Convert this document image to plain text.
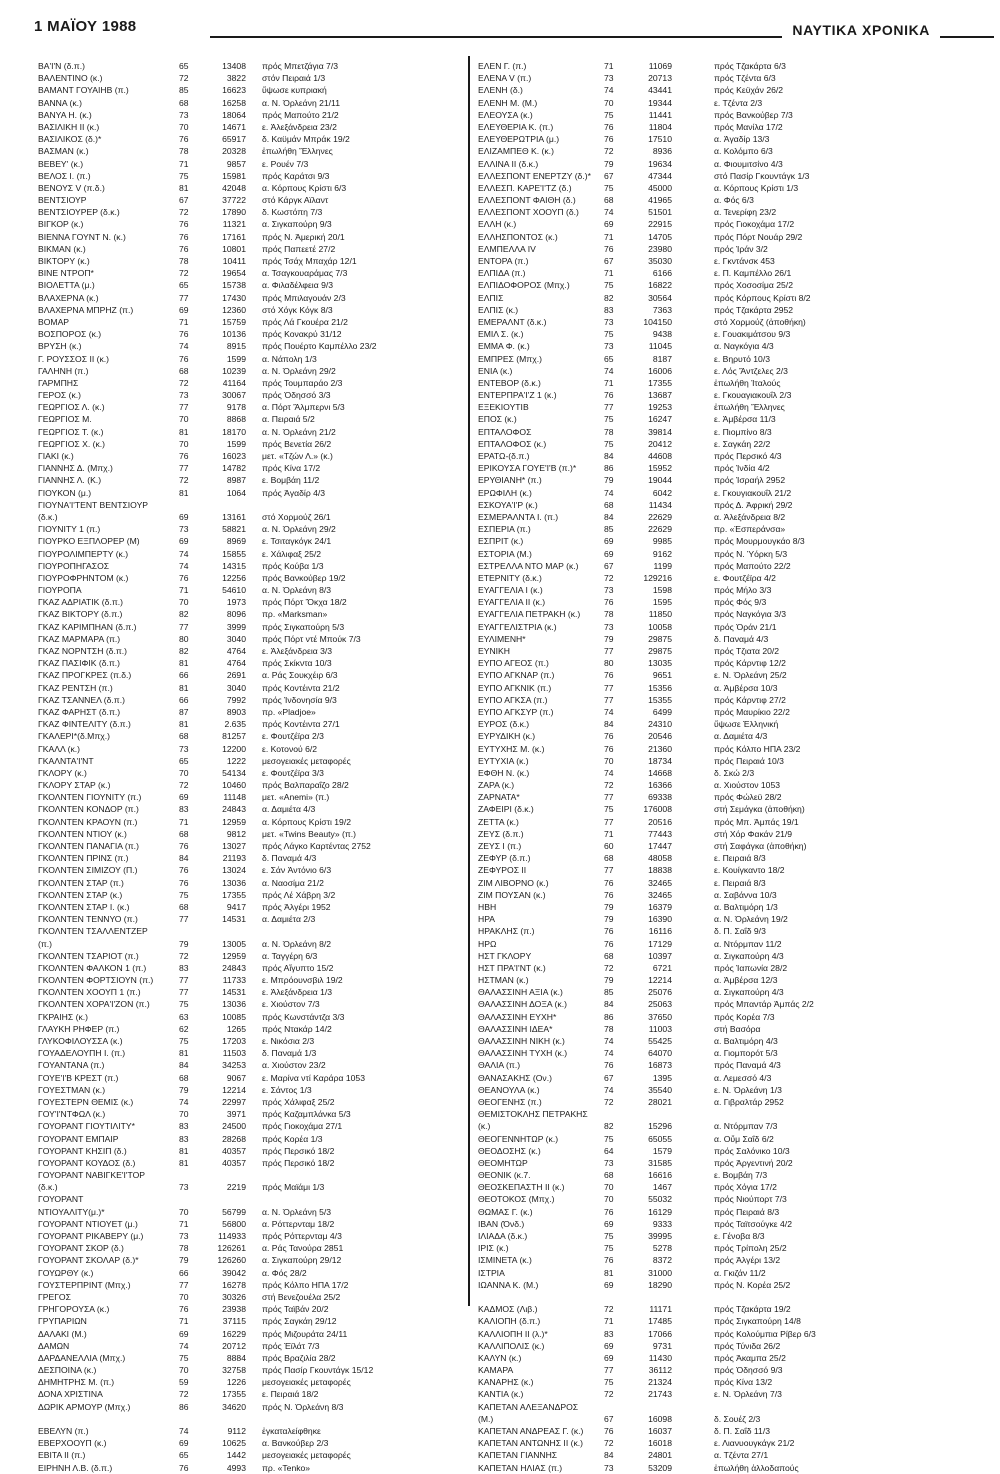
1 ΜΑΪΟΥ 1988	ΝΑΥΤΙΚΑ ΧΡΟΝΙΚΑ
ΒΑ'Ι'Ν (δ.π.)	65	13408 πρός Μπετζάγια 7/3
ΒΑΛΕΝΤΙΝΟ (κ.)	72	3822 στόν Πειραιά 1/3
ΒΑΜΑΝΤ ΓΟΥΑΙΗΒ (π.)	85	16623 ὕψωσε κυπριακή
ΒΑΝΝΑ (κ.)	68	16258 α. Ν. Ὀρλεάνη 21/11
ΒΑΝΥΑ Η. (κ.)	73	18064 πρός Μαπούτο 21/2
ΒΑΣΙΛΙΚΗ ΙΙ (κ.)	70	14671 ε. Ἀλεξάνδρεια 23/2
ΒΑΣΙΛΙΚΟΣ (δ.)*	76	65917 δ. Καϋμάν Μπράκ 19/2
ΒΑΣΜΑΝ (κ.)	78	20328 ἐπωλήθη Ἕλληνες
ΒΕΒΕΥ' (κ.)	71	9857 ε. Ρουέν 7/3
ΒΕΛΟΣ Ι. (π.)	75	15981 πρός Καράτσι 9/3
ΒΕΝΟΥΣ V (π.δ.)	81	42048 α. Κόρπους Κρίστι 6/3
ΒΕΝΤΣΙΟΥΡ	67	37722 στό Κάργκ Αϊλαντ
ΒΕΝΤΣΙΟΥΡΕΡ (δ.κ.)	72	17890 δ. Κωστόπη 7/3
ΒΙΓΚΟΡ (κ.)	76	11321 α. Σιγκαπούρη 9/3
ΒΙΕΝΝΑ ΓΟΥΝΤ Ν. (κ.)	76	17161 πρός Ν. Ἀμερική 20/1
ΒΙΚΜΑΝ (κ.)	76	10801 πρός Παπεετέ 27/2
ΒΙΚΤΟΡΥ (κ.)	78	10411 πρός Τσάχ Μπαχάρ 12/1
ΒΙΝΕ ΝΤΡΟΠ*	72	19654 α. Τσαγκουαράμας 7/3
ΒΙΟΛΕΤΤΑ (μ.)	65	15738 α. Φιλαδέλφεια 9/3
ΒΛΑΧΕΡΝΑ (κ.)	77	17430 πρός Μπιλαγουάν 2/3
ΒΛΑΧΕΡΝΑ ΜΠΡΗΖ (π.)	69	12360 στό Χόγκ Κόγκ 8/3
ΒΟΜΑΡ	71	15759 πρός Λά Γκουέρα 21/2
ΒΟΣΠΟΡΟΣ (κ.)	76	10136 πρός Κονακρύ 31/12
ΒΡΥΣΗ (κ.)	74	8915 πρός Πουέρτο Καμπέλλο 23/2
Γ. ΡΟΥΣΣΟΣ ΙΙ (κ.)	76	1599 α. Νάπολη 1/3
ΓΑΛΗΝΗ (π.)	68	10239 α. Ν. Ὀρλεάνη 29/2
ΓΑΡΜΠΗΣ	72	41164 πρός Τουμπαράο 2/3
ΓΕΡΟΣ (κ.)	73	30067 πρός Ὀδησσό 3/3
ΓΕΩΡΓΙΟΣ Λ. (κ.)	77	9178 α. Πόρτ Ἄλμπερνι 5/3
ΓΕΩΡΓΙΟΣ Μ.	70	8868 α. Πειραιά 5/2
ΓΕΩΡΓΙΟΣ Τ. (κ.)	81	18170 α. Ν. Ὀρλεάνη 21/2
ΓΕΩΡΓΙΟΣ Χ. (κ.)	70	1599 πρός Βενετία 26/2
ΓΙΑΚΙ (κ.)	76	16023 μετ. «Τζών Λ.» (κ.)
ΓΙΑΝΝΗΣ Δ. (Μπχ.)	77	14782 πρός Κίνα 17/2
ΓΙΑΝΝΗΣ Λ. (Κ.)	72	8987 ε. Βομβάη 11/2
ΓΙΟΥΚΟΝ (μ.)	81	1064 πρός Ἀγαδίρ 4/3
ΓΙΟΥΝΑ'Ι'ΤΕΝΤ ΒΕΝΤΣΙΟΥΡ
(δ.κ.)	69	13161 στό Χορμούζ 26/1
ΓΙΟΥΝΙΤΥ 1 (π.)	73	58821 α. Ν. Ὀρλεάνη 29/2
ΓΙΟΥΡΚΟ ΕΞΠΛΟΡΕΡ (Μ)	69	8969 ε. Τσιταγκόγκ 24/1
ΓΙΟΥΡΟΛΙΜΠΕΡΤΥ (κ.)	74	15855 ε. Χάλιφαξ 25/2
ΓΙΟΥΡΟΠΗΓΑΣΟΣ	74	14315 πρός Κούβα 1/3
ΓΙΟΥΡΟΦΡΗΝΤΟΜ (κ.)	76	12256 πρός Βανκούβερ 19/2
ΓΙΟΥΡΟΠΑ	71	54610 α. Ν. Ὀρλεάνη 8/3
ΓΚΑΖ ΑΔΡΙΑΤΙΚ (δ.π.)	70	1973 πρός Πόρτ Ὄκχα 18/2
ΓΚΑΖ ΒΙΚΤΟΡΥ (δ.π.)	82	8096 πρ. «Marksman»
ΓΚΑΖ ΚΑΡΙΜΠΗΑΝ (δ.π.)	77	3999 πρός Σιγκαπούρη 5/3
ΓΚΑΖ ΜΑΡΜΑΡΑ (π.)	80	3040 πρός Πόρτ ντέ Μπούκ 7/3
ΓΚΑΖ ΝΟΡΝΤΣΗ (δ.π.)	82	4764 ε. Ἀλεξάνδρεια 3/3
ΓΚΑΖ ΠΑΣΙΦΙΚ (δ.π.)	81	4764 πρός Σκίκντα 10/3
ΓΚΑΖ ΠΡΟΓΚΡΕΣ (π.δ.)	66	2691 α. Ράς Σουκχέιρ 6/3
ΓΚΑΖ ΡΕΝΤΣΗ (π.)	81	3040 πρός Κοντέιντα 21/2
ΓΚΑΖ ΤΣΑΝΝΕΛ (δ.π.)	66	7992 πρός Ἰνδονησία 9/3
ΓΚΑΖ ΦΑΡΗΣΤ (δ.π.)	87	8903 πρ. «Pladjoe»
ΓΚΑΖ ΦΙΝΤΕΛΙΤΥ (δ.π.)	81	2.635 πρός Κοντέιντα 27/1
ΓΚΑΛΕΡΙ*(δ.Μπχ.)	68	81257 ε. Φουτζέϊρα 2/3
ΓΚΑΛΛ (κ.)	73	12200 ε. Κοτονού 6/2
ΓΚΑΛΝΤΑ'Ι'ΝΤ	65	1222 μεσογειακές μεταφορές
ΓΚΛΟΡΥ (κ.)	70	54134 ε. Φουτζέϊρα 3/3
ΓΚΛΟΡΥ ΣΤΑΡ (κ.)	72	10460 πρός Βαλπαραΐζο 28/2
ΓΚΟΛΝΤΕΝ ΓΙΟΥΝΙΤΥ (π.)	69	11148 μετ. «Anemi» (π.)
ΓΚΟΛΝΤΕΝ ΚΟΝΔΟΡ (π.)	83	24843 α. Δαμιέτα 4/3
ΓΚΟΛΝΤΕΝ ΚΡΑΟΥΝ (π.)	71	12959 α. Κόρπους Κρίστι 19/2
ΓΚΟΛΝΤΕΝ ΝΤΙΟΥ (κ.)	68	9812 μετ. «Twins Beauty» (π.)
ΓΚΟΛΝΤΕΝ ΠΑΝΑΓΙΑ (π.)	76	13027 πρός Λάγκο Καρτέντας 2752
ΓΚΟΛΝΤΕΝ ΠΡΙΝΣ (π.)	84	21193 δ. Παναμά 4/3
ΓΚΟΛΝΤΕΝ ΣΙΜΙΖΟΥ (Π.)	76	13024 ε. Σάν Ἀντόνιο 6/3
ΓΚΟΛΝΤΕΝ ΣΤΑΡ (π.)	76	13036 α. Ναοσίμα 21/2
ΓΚΟΛΝΤΕΝ ΣΤΑΡ (κ.)	75	17355 πρός Λέ Χάβρη 3/2
ΓΚΟΛΝΤΕΝ ΣΤΑΡ Ι. (κ.)	68	9417 πρός Ἀλγέρι 1952
ΓΚΟΛΝΤΕΝ ΤΕΝΝΥΟ (π.)	77	14531 α. Δαμιέτα 2/3
ΓΚΟΛΝΤΕΝ ΤΣΑΛΛΕΝΤΖΕΡ
(π.)	79	13005 α. Ν. Ὀρλεάνη 8/2
ΓΚΟΛΝΤΕΝ ΤΣΑΡΙΟΤ (π.)	72	12959 α. Ταγγέρη 6/3
ΓΚΟΛΝΤΕΝ ΦΑΛΚΟΝ 1 (π.)	83	24843 πρός Αἴγυπτο 15/2
ΓΚΟΛΝΤΕΝ ΦΟΡΤΣΙΟΥΝ (π.)	77	11733 ε. Μπρόουνσβιλ 19/2
ΓΚΟΛΝΤΕΝ ΧΟΟΥΠ 1 (π.)	77	14531 ε. Ἀλεξάνδρεια 1/3
ΓΚΟΛΝΤΕΝ ΧΟΡΑ'Ι'ΖΟΝ (π.)	75	13036 ε. Χιούστον 7/3
ΓΚΡΑΙΗΣ (κ.)	63	10085 πρός Κωνστάντζα 3/3
ΓΛΑΥΚΗ ΡΗΦΕΡ (π.)	62	1265 πρός Ντακάρ 14/2
ΓΛΥΚΟΦΙΛΟΥΣΣΑ (κ.)	75	17203 ε. Νικόσια 2/3
ΓΟΥΑΔΕΛΟΥΠΗ Ι. (π.)	81	11503 δ. Παναμά 1/3
ΓΟΥΑΝΤΑΝΑ (π.)	84	34253 α. Χιούστον 23/2
ΓΟΥΕ'Ι'Β ΚΡΕΣΤ (π.)	68	9067 ε. Μαρίνα ντί Καράρα 1053
ΓΟΥΕΣΤΜΑΝ (κ.)	79	12214 ε. Σάντος 1/3
ΓΟΥΕΣΤΕΡΝ ΘΕΜΙΣ (κ.)	74	22997 πρός Χάλιφαξ 25/2
ΓΟΥ'Ι'ΝΤΦΩΛ (κ.)	70	3971 πρός Καζαμπλάνκα 5/3
ΓΟΥΟΡΑΝΤ ΓΙΟΥΤΙΛΙΤΥ*	83	24500 πρός Γιοκοχάμα 27/1
ΓΟΥΟΡΑΝΤ ΕΜΠΑΙΡ	83	28268 πρός Κορέα 1/3
ΓΟΥΟΡΑΝΤ ΚΗΣΙΠ (δ.)	81	40357 πρός Περσικό 18/2
ΓΟΥΟΡΑΝΤ ΚΟΥΔΟΣ (δ.)	81	40357 πρός Περσικό 18/2
ΓΟΥΟΡΑΝΤ ΝΑΒΙΓΚΕ'Ι'ΤΟΡ
(δ.κ.)	73	2219 πρός Μαϊάμι 1/3
ΓΟΥΟΡΑΝΤ
ΝΤΙΟΥΑΛΙΤΥ(μ.)*	70	56799 α. Ν. Ὀρλεάνη 5/3
ΓΟΥΟΡΑΝΤ ΝΤΙΟΥΕΤ (μ.)	71	56800 α. Ρόττερνταμ 18/2
ΓΟΥΟΡΑΝΤ ΡΙΚΑΒΕΡΥ (μ.)	73	114933 πρός Ρόττερνταμ 4/3
ΓΟΥΟΡΑΝΤ ΣΚΟΡ (δ.)	78	126261 α. Ράς Τανούρα 2851
ΓΟΥΟΡΑΝΤ ΣΚΟΛΑΡ (δ.)*	79	126260 α. Σιγκαπούρη 29/12
ΓΟΥΩΡΘΥ (κ.)	66	39042 α. Φός 28/2
ΓΟΥΣΤΕΡΠΡΙΝΤ (Μπχ.)	77	16278 πρός Κόλπο ΗΠΑ 17/2
ΓΡΕΓΟΣ	70	30326 στή Βενεζουέλα 25/2
ΓΡΗΓΟΡΟΥΣΑ (κ.)	76	23938 πρός Ταϊβάν 20/2
ΓΡΥΠΑΡΙΩΝ	71	37115 πρός Σαγκάη 29/12
ΔΑΛΑΚΙ (Μ.)	69	16229 πρός Μιζουράτα 24/11
ΔΑΜΩΝ	74	20712 πρός Ἐϊλάτ 7/3
ΔΑΡΔΑΝΕΛΛΙΑ (Μπχ.)	75	8884 πρός Βραζιλία 28/2
ΔΕΣΠΟΙΝΑ (κ.)	70	32758 πρός Πασίρ Γκουντάγκ 15/12
ΔΗΜΗΤΡΗΣ Μ. (π.)	59	1226 μεσογειακές μεταφορές
ΔΟΝΑ ΧΡΙΣΤΙΝΑ	72	17355 ε. Πειραιά 18/2
ΔΩΡΙΚ ΑΡΜΟΥΡ (Μπχ.)	86	34620 πρός Ν. Ὀρλεάνη 8/3
ΕΒΕΛΥΝ (π.)	74	9112 ἐγκαταλείφθηκε
ΕΒΕΡΧΟΟΥΠ (κ.)	69	10625 α. Βανκούβερ 2/3
ΕΒΙΤΑ ΙΙ (π.)	65	1442 μεσογειακές μεταφορές
ΕΙΡΗΝΗ Λ.Β. (δ.π.)	76	4993 πρ. «Tenko»
ΕΛΕΝ Γ. (π.)	71	11069	πρός Τζακάρτα 6/3
ΕΛΕΝΑ V (π.)	73	20713	πρός Τζέντα 6/3
ΕΛΕΝΗ (δ.)	74	43441	πρός Κεϋχάν 26/2
ΕΛΕΝΗ Μ. (Μ.)	70	19344	ε. Τζέντα 2/3
ΕΛΕΟΥΣΑ (κ.)	75	11441	πρός Βανκούβερ 7/3
ΕΛΕΥΘΕΡΙΑ Κ. (π.)	76	11804	πρός Μανίλα 17/2
ΕΛΕΥΘΕΡΩΤΡΙΑ (μ.)	76	17510	α. Ἀγαδίρ 13/3
ΕΛΙΖΑΜΠΕΘ Κ. (κ.)	72	8936	α. Κολόμπο 6/3
ΕΛΛΙΝΑ ΙΙ (δ.κ.)	79	19634	α. Φιουμιτσίνο 4/3
ΕΛΛΕΣΠΟΝΤ ΕΝΕΡΤΖΥ (δ.)*	67	47344	στό Πασίρ Γκουντάγκ 1/3
ΕΛΛΕΣΠ. ΚΑΡΕ'Ι'ΤΖ (δ.)	75	45000	α. Κόρπους Κρίστι 1/3
ΕΛΛΕΣΠΟΝΤ ΦΑΙΘΗ (δ.)	68	41965	α. Φός 6/3
ΕΛΛΕΣΠΟΝΤ ΧΟΟΥΠ (δ.)	74	51501	α. Τενερίφη 23/2
ΕΛΛΗ (κ.)	69	22915	πρός Γιοκοχάμα 17/2
ΕΛΛΗΣΠΟΝΤΟΣ (κ.)	71	14705	πρός Πόρτ Νουάρ 29/2
ΕΛΜΠΕΛΛΑ IV	76	23980	πρός Ἰράν 3/2
ΕΝΤΟΡΑ (π.)	67	35030	ε. Γκντάνσκ 453
ΕΛΠΙΔΑ (π.)	71	6166	ε. Π. Καμπέλλο 26/1
ΕΛΠΙΔΟΦΟΡΟΣ (Μπχ.)	75	16822	πρός Χοσοσίμα 25/2
ΕΛΠΙΣ	82	30564	πρός Κόρπους Κρίστι 8/2
ΕΛΠΙΣ (κ.)	83	7363	πρός Τζακάρτα 2952
ΕΜΕΡΑΛΝΤ (δ.κ.)	73	104150	στό Χορμούζ (ἀποθήκη)
ΕΜΙΛ Σ. (κ.)	75	9438	ε. Γουακιμάτσου 9/3
ΕΜΜΑ Φ. (κ.)	73	11045	α. Ναγκόγια 4/3
ΕΜΠΡΕΣ (Μπχ.)	65	8187	ε. Βηρυτό 10/3
ΕΝΙΑ (κ.)	74	16006	ε. Λός Ἄντζελες 2/3
ΕΝΤΕΒΟΡ (δ.κ.)	71	17355	ἐπωλήθη Ἰταλούς
ΕΝΤΕΡΠΡΑ'Ι'Ζ 1 (κ.)	76	13687	ε. Γκουαγιακουΐλ 2/3
ΕΞΕΚΙΟΥΤΙΒ	77	19253	ἐπωλήθη Ἕλληνες
ΕΠΟΣ (κ.)	75	16247	ε. Ἀμβέρσα 11/3
ΕΠΤΑΛΟΦΟΣ	78	39814	ε. Πιομπίνο 8/3
ΕΠΤΑΛΟΦΟΣ (κ.)	75	20412	ε. Σαγκάη 22/2
ΕΡΑΤΩ-(δ.π.)	84	44608	πρός Περσικό 4/3
ΕΡΙΚΟΥΣΑ ΓΟΥΕ'Ι'Β (π.)*	86	15952	πρός Ἰνδία 4/2
ΕΡΥΘΙΑΝΗ* (π.)	79	19044	πρός Ἰσραήλ 2952
ΕΡΩΦΙΛΗ (κ.)	74	6042	ε. Γκουγιακουΐλ 21/2
ΕΣΚΟΥΑ'Ι'Ρ (κ.)	68	11434	πρός Δ. Ἀφρική 29/2
ΕΣΜΕΡΑΛΝΤΑ Ι. (π.)	84	22629	α. Ἀλεξάνδρεια 8/2
ΕΣΠΕΡΙΑ (π.)	85	22629	πρ. «Ἑσπεράνσα»
ΕΣΠΡΙΤ (κ.)	69	9985	πρός Μουρμουγκάο 8/3
ΕΣΤΟΡΙΑ (Μ.)	69	9162	πρός Ν. Ὑόρκη 5/3
ΕΣΤΡΕΛΛΑ ΝΤΟ ΜΑΡ (κ.)	67	1199	πρός Μαπούτο 22/2
ΕΤΕΡΝΙΤΥ (δ.κ.)	72	129216	ε. Φουτζέϊρα 4/2
ΕΥΑΓΓΕΛΙΑ Ι (κ.)	73	1598	πρός Μήλο 3/3
ΕΥΑΓΓΕΛΙΑ ΙΙ (κ.)	76	1595	πρός Φός 9/3
ΕΥΑΓΓΕΛΙΑ ΠΕΤΡΑΚΗ (κ.)	78	11850	πρός Ναγκόγια 3/3
ΕΥΑΓΓΕΛΙΣΤΡΙΑ (κ.)	73	10058	πρός Ὀράν 21/1
ΕΥΛΙΜΕΝΗ*	79	29875	δ. Παναμά 4/3
ΕΥΝΙΚΗ	77	29875	πρός Τζιατα 20/2
ΕΥΠΟ ΑΓΕΟΣ (π.)	80	13035	πρός Κάρντιφ 12/2
ΕΥΠΟ ΑΓΚΝΑΡ (π.)	76	9651	ε. Ν. Ὀρλεάνη 25/2
ΕΥΠΟ ΑΓΚΝΙΚ (π.)	77	15356	α. Ἀμβέρσα 10/3
ΕΥΠΟ ΑΓΚΣΑ (π.)	77	15355	πρός Κάρντιφ 27/2
ΕΥΠΟ ΑΓΚΣΥΡ (π.)	74	6499	πρός Μαυρίκιο 22/2
ΕΥΡΟΣ (δ.κ.)	84	24310	ὕψωσε Ἑλληνική
ΕΥΡΥΔΙΚΗ (κ.)	76	20546	α. Δαμιέτα 4/3
ΕΥΤΥΧΗΣ Μ. (κ.)	76	21360	πρός Κόλπο ΗΠΑ 23/2
ΕΥΤΥΧΙΑ (κ.)	70	18734	πρός Πειραιά 10/3
ΕΦΘΗ Ν. (κ.)	74	14668	δ. Σκώ 2/3
ΖΑΡΑ (κ.)	72	16366	α. Χιούστον 1053
ΖΑΡΝΑΤΑ*	77	69338	πρός Φώλεϋ 28/2
ΖΑΦΕΙΡΙ (δ.κ.)	75	176008	στή Σεμάγκα (ἀποθήκη)
ΖΕΤΤΑ (κ.)	77	20516	πρός Μπ. Ἀμπάς 19/1
ΖΕΥΣ (δ.π.)	71	77443	στή Χόρ Φακάν 21/9
ΖΕΥΣ Ι (π.)	60	17447	στή Σαφάγκα (ἀποθήκη)
ΖΕΦΥΡ (δ.π.)	68	48058	ε. Πειραιά 8/3
ΖΕΦΥΡΟΣ ΙΙ	77	18838	ε. Κουίγκαντο 18/2
ΖΙΜ ΛΙΒΟΡΝΟ (κ.)	76	32465	ε. Πειραιά 8/3
ΖΙΜ ΠΟΥΣΑΝ (κ.)	76	32465	α. Σαβάννα 10/3
ΗΒΗ	79	16379	α. Βαλτιμόρη 1/3
ΗΡΑ	79	16390	α. Ν. Ὀρλεάνη 19/2
ΗΡΑΚΛΗΣ (π.)	76	16116	δ. Π. Σαΐδ 9/3
ΗΡΩ	76	17129	α. Ντόρμπαν 11/2
ΗΣΤ ΓΚΛΟΡΥ	68	10397	α. Σιγκαπούρη 4/3
ΗΣΤ ΠΡΑ'Ι'ΝΤ (κ.)	72	6721	πρός Ἰαπωνία 28/2
ΗΣΤΜΑΝ (κ.)	79	12214	α. Ἀμβέρσα 12/3
ΘΑΛΑΣΣΙΝΗ ΑΞΙΑ (κ.)	85	25076	α. Σιγκαπούρη 4/3
ΘΑΛΑΣΣΙΝΗ ΔΟΞΑ (κ.)	84	25063	πρός Μπαντάρ Ἀμπάς 2/2
ΘΑΛΑΣΣΙΝΗ ΕΥΧΗ*	86	37650	πρός Κορέα 7/3
ΘΑΛΑΣΣΙΝΗ ΙΔΕΑ*	78	11003	στή Βασόρα
ΘΑΛΑΣΣΙΝΗ ΝΙΚΗ (κ.)	74	55425	α. Βαλτιμόρη 4/3
ΘΑΛΑΣΣΙΝΗ ΤΥΧΗ (κ.)	74	64070	α. Γιομπορότ 5/3
ΘΑΛΙΑ (π.)	76	16873	πρός Παναμά 4/3
ΘΑΝΑΣΑΚΗΣ (Ον.)	67	1395	α. Λεμεσσό 4/3
ΘΕΑΝΟΥΛΑ (κ.)	74	35540	ε. Ν. Ὀρλεάνη 1/3
ΘΕΟΓΕΝΗΣ (π.)	72	28021	α. Γιβραλτάρ 2952
ΘΕΜΙΣΤΟΚΛΗΣ ΠΕΤΡΑΚΗΣ
(κ.)	82	15296	α. Ντόρμπαν 7/3
ΘΕΟΓΕΝΝΗΤΩΡ (κ.)	75	65055	α. Οὔμ Σαΐδ 6/2
ΘΕΟΔΟΣΗΣ (κ.)	64	1579	πρός Σαλόνικο 10/3
ΘΕΟΜΗΤΩΡ	73	31585	πρός Ἀργεντινή 20/2
ΘΕΟΝΙΚ (κ.7.	68	16616	ε. Βομβάη 7/3
ΘΕΟΣΚΕΠΑΣΤΗ ΙΙ (κ.)	70	1467	πρός Χόγια 17/2
ΘΕΟΤΟΚΟΣ (Μπχ.)	70	55032	πρός Νιούπορτ 7/3
ΘΩΜΑΣ Γ. (κ.)	76	16129	πρός Πειραιά 8/3
ΙΒΑΝ (Όνδ.)	69	9333	πρός Ταϊτσούγκε 4/2
ΙΛΙΑΔΑ (δ.κ.)	75	39995	ε. Γένοβα 8/3
ΙΡΙΣ (κ.)	75	5278	πρός Τρίπολη 25/2
ΙΣΜΙΝΕΤΑ (κ.)	76	8372	πρός Ἀλγέρι 13/2
ΙΣΤΡΙΑ	81	31000	α. Γκιζάν 11/2
ΙΩΑΝΝΑ Κ. (Μ.)	69	18290	πρός Ν. Κορέα 25/2
ΚΑΔΜΟΣ (Λιβ.)	72	11171	πρός Τζακάρτα 19/2
ΚΑΛΙΟΠΗ (δ.π.)	71	17485	πρός Σιγκαπούρη 14/8
ΚΑΛΛΙΟΠΗ ΙΙ (λ.)*	83	17066	πρός Κολούμπια Ρίβερ 6/3
ΚΑΛΛΙΠΟΛΙΣ (κ.)	69	9731	πρός Τύνιδα 26/2
ΚΑΛΥΝ (κ.)	69	11430	πρός Ἀκαμπα 25/2
ΚΑΜΑΡΑ	77	36112	πρός Ὀδησσό 9/3
ΚΑΝΑΡΗΣ (κ.)	75	21324	πρός Κίνα 13/2
ΚΑΝΤΙΑ (κ.)	72	21743	ε. Ν. Ὀρλεάνη 7/3
ΚΑΠΕΤΑΝ ΑΛΕΞΑΝΔΡΟΣ
(Μ.)	67	16098	δ. Σουέζ 2/3
ΚΑΠΕΤΑΝ ΑΝΔΡΕΑΣ Γ. (κ.)	76	16037	δ. Π. Σαΐδ 11/3
ΚΑΠΕΤΑΝ ΑΝΤΩΝΗΣ ΙΙ (κ.)	72	16018	ε. Λιανυουγκάγκ 21/2
ΚΑΠΕΤΑΝ ΓΙΑΝΝΗΣ	84	24801	α. Τζέντα 27/1
ΚΑΠΕΤΑΝ ΗΛΙΑΣ (π.)	73	53209	ἐπωλήθη ἀλλοδαπούς
